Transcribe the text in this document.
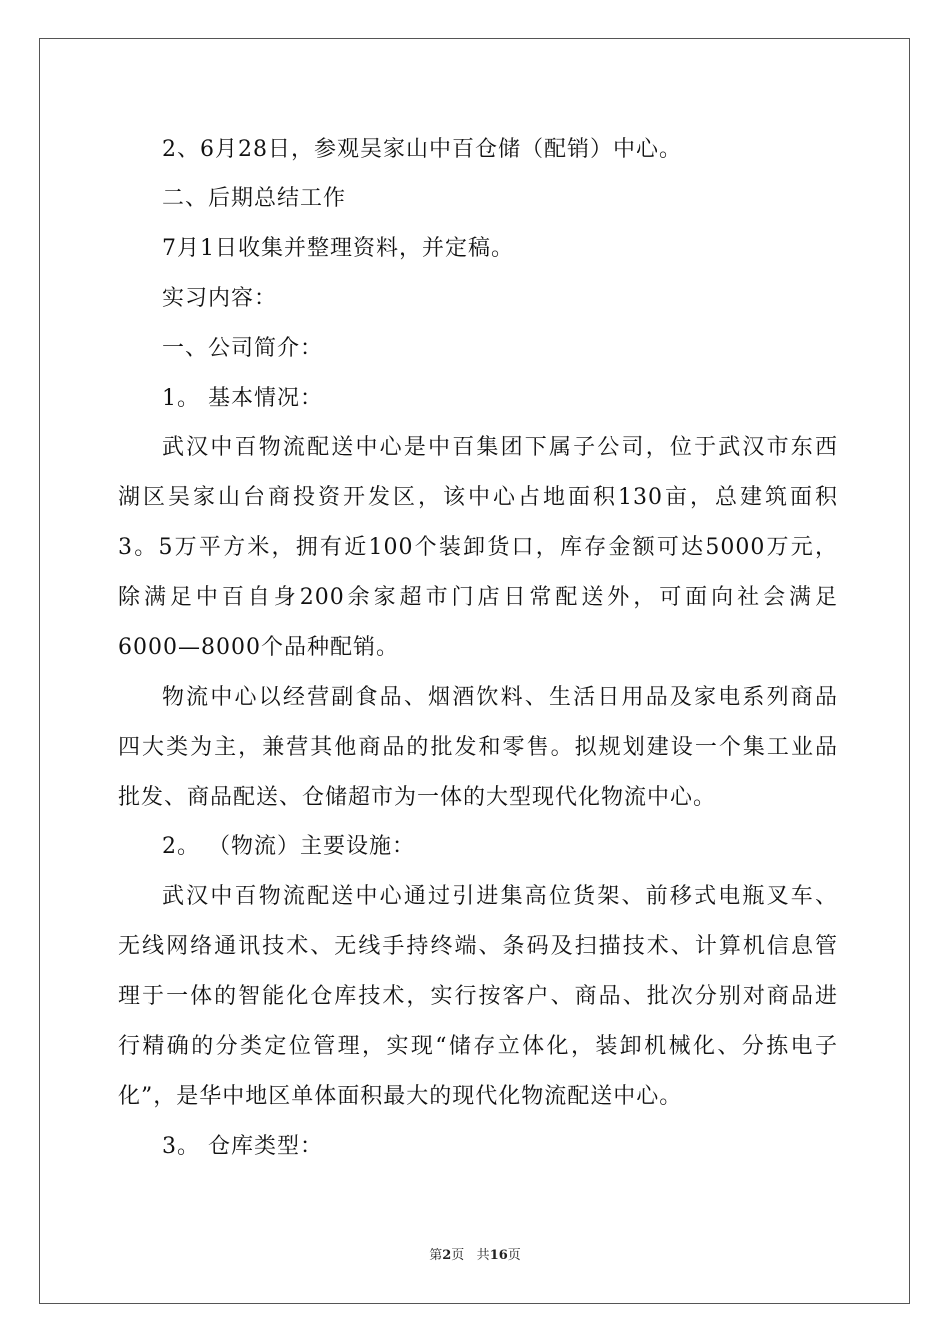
2、6月28日，参观吴家山中百仓储（配销）中心。
二、后期总结工作
7月1日收集并整理资料，并定稿。
实习内容：
一、公司简介：
1。 基本情况：
武汉中百物流配送中心是中百集团下属子公司，位于武汉市东西
湖区吴家山台商投资开发区，该中心占地面积130亩，总建筑面积
3。5万平方米，拥有近100个装卸货口，库存金额可达5000万元，
除满足中百自身200余家超市门店日常配送外，可面向社会满足
6000—8000个品种配销。
物流中心以经营副食品、烟酒饮料、生活日用品及家电系列商品
四大类为主，兼营其他商品的批发和零售。拟规划建设一个集工业品
批发、商品配送、仓储超市为一体的大型现代化物流中心。
2。 （物流）主要设施：
武汉中百物流配送中心通过引进集高位货架、前移式电瓶叉车、
无线网络通讯技术、无线手持终端、条码及扫描技术、计算机信息管
理于一体的智能化仓库技术，实行按客户、商品、批次分别对商品进
行精确的分类定位管理，实现“储存立体化，装卸机械化、分拣电子
化”，是华中地区单体面积最大的现代化物流配送中心。
3。 仓库类型：
第2页 共16页
